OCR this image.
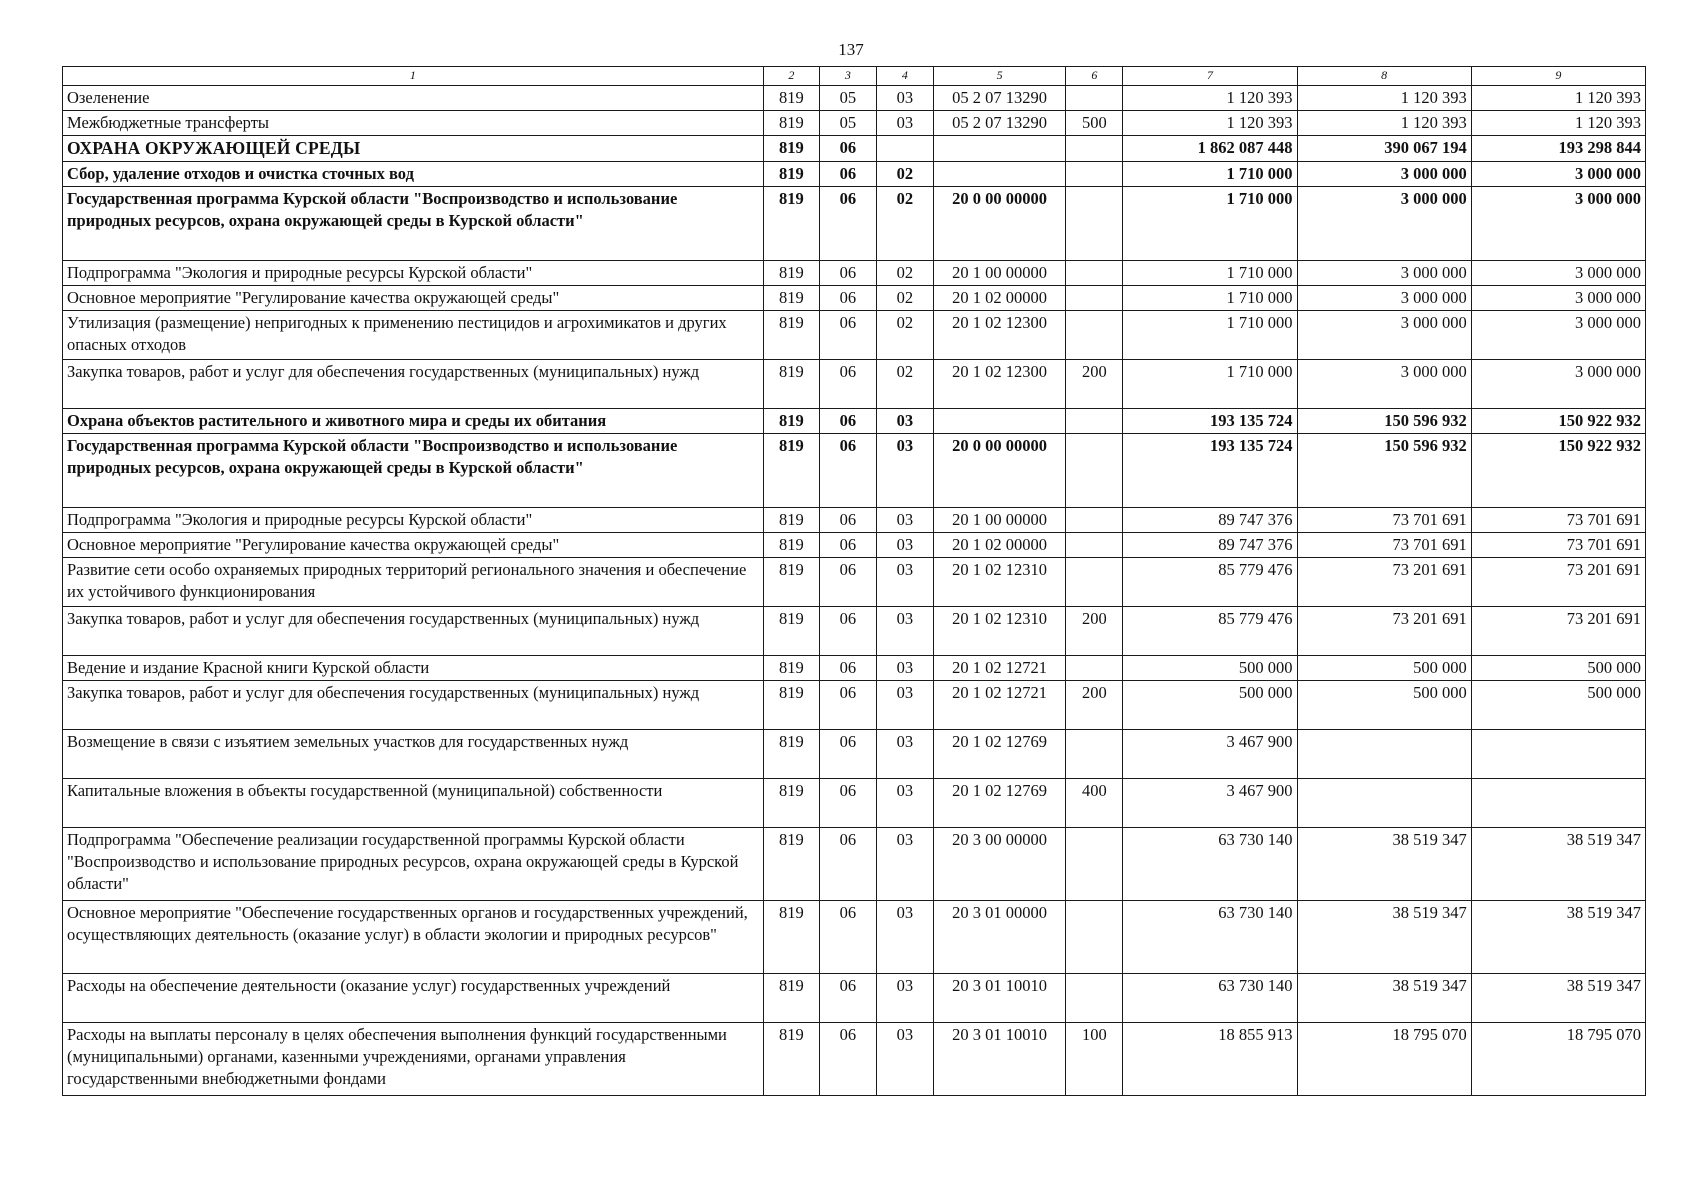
137
1	2	3	4	5	6	7	8	9
Озеленение	819	05	03	05 2 07 13290		1 120 393	1 120 393	1 120 393
Межбюджетные трансферты	819	05	03	05 2 07 13290	500	1 120 393	1 120 393	1 120 393
ОХРАНА ОКРУЖАЮЩЕЙ СРЕДЫ	819	06				1 862 087 448	390 067 194	193 298 844
Сбор, удаление отходов и очистка сточных вод	819	06	02			1 710 000	3 000 000	3 000 000
Государственная программа Курской области "Воспроизводство и использование природных ресурсов, охрана окружающей среды в Курской области"	819	06	02	20 0 00 00000		1 710 000	3 000 000	3 000 000
Подпрограмма "Экология и природные ресурсы Курской области"	819	06	02	20 1 00 00000		1 710 000	3 000 000	3 000 000
Основное мероприятие "Регулирование качества окружающей среды"	819	06	02	20 1 02 00000		1 710 000	3 000 000	3 000 000
Утилизация (размещение) непригодных к применению пестицидов и агрохимикатов и других опасных отходов	819	06	02	20 1 02 12300		1 710 000	3 000 000	3 000 000
Закупка товаров, работ и услуг для обеспечения государственных (муниципальных) нужд	819	06	02	20 1 02 12300	200	1 710 000	3 000 000	3 000 000
Охрана объектов растительного и животного мира и среды их обитания	819	06	03			193 135 724	150 596 932	150 922 932
Государственная программа Курской области "Воспроизводство и использование природных ресурсов, охрана окружающей среды в Курской области"	819	06	03	20 0 00 00000		193 135 724	150 596 932	150 922 932
Подпрограмма "Экология и природные ресурсы Курской области"	819	06	03	20 1 00 00000		89 747 376	73 701 691	73 701 691
Основное мероприятие "Регулирование качества окружающей среды"	819	06	03	20 1 02 00000		89 747 376	73 701 691	73 701 691
Развитие сети особо охраняемых природных территорий регионального значения и обеспечение их устойчивого функционирования	819	06	03	20 1 02 12310		85 779 476	73 201 691	73 201 691
Закупка товаров, работ и услуг для обеспечения государственных (муниципальных) нужд	819	06	03	20 1 02 12310	200	85 779 476	73 201 691	73 201 691
Ведение и издание Красной книги Курской области	819	06	03	20 1 02 12721		500 000	500 000	500 000
Закупка товаров, работ и услуг для обеспечения государственных (муниципальных) нужд	819	06	03	20 1 02 12721	200	500 000	500 000	500 000
Возмещение в связи с изъятием земельных участков для государственных нужд	819	06	03	20 1 02 12769		3 467 900		
Капитальные вложения в объекты государственной (муниципальной) собственности	819	06	03	20 1 02 12769	400	3 467 900		
Подпрограмма "Обеспечение реализации государственной программы Курской области "Воспроизводство и использование природных ресурсов, охрана окружающей среды в Курской области"	819	06	03	20 3 00 00000		63 730 140	38 519 347	38 519 347
Основное мероприятие "Обеспечение государственных органов и государственных учреждений, осуществляющих деятельность (оказание услуг) в области экологии и природных ресурсов"	819	06	03	20 3 01 00000		63 730 140	38 519 347	38 519 347
Расходы на обеспечение деятельности (оказание услуг) государственных учреждений	819	06	03	20 3 01 10010		63 730 140	38 519 347	38 519 347
Расходы на выплаты персоналу в целях обеспечения выполнения функций государственными (муниципальными) органами, казенными учреждениями, органами управления государственными внебюджетными фондами	819	06	03	20 3 01 10010	100	18 855 913	18 795 070	18 795 070
